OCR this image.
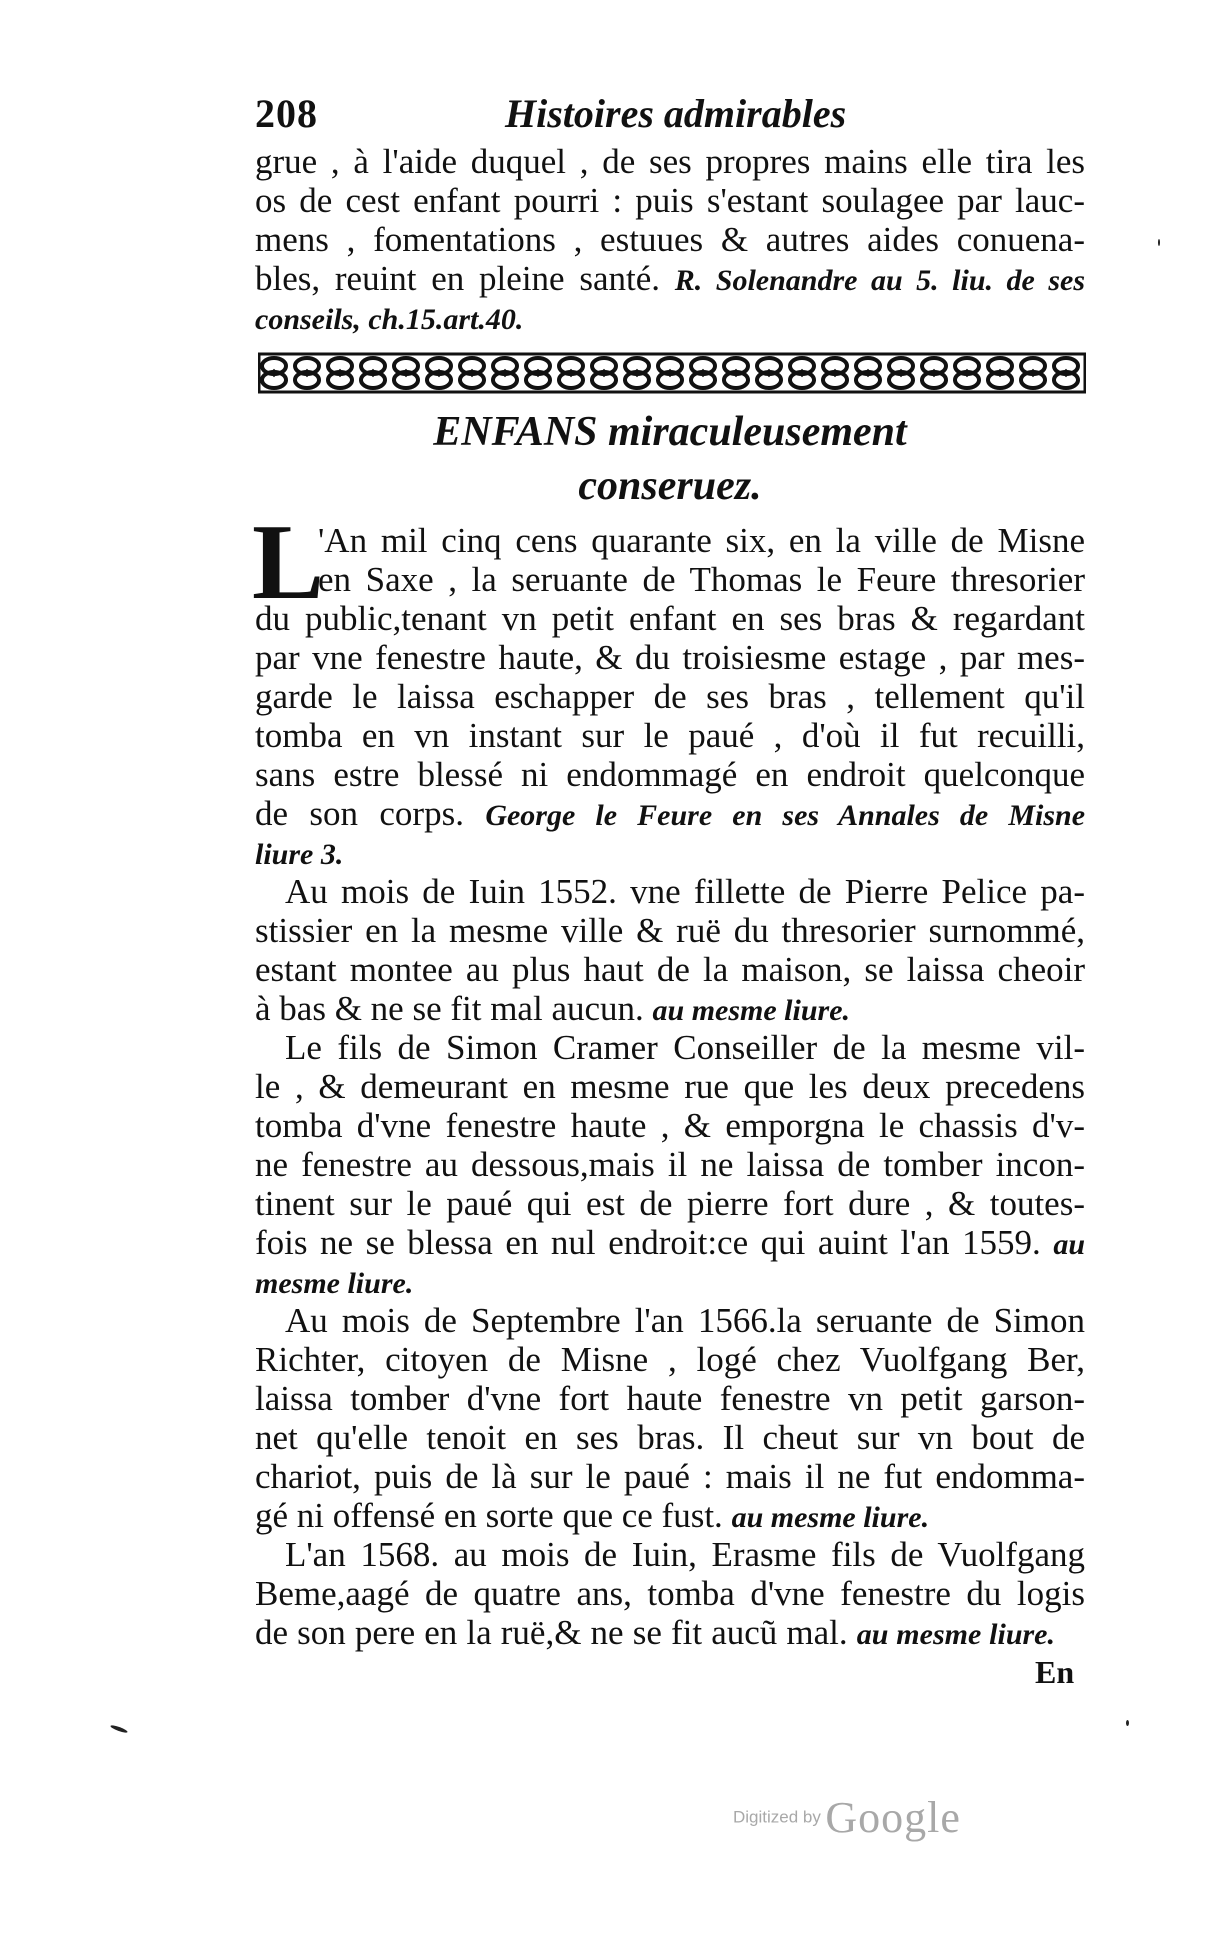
208	Histoires admirables
grue , à l'aide duquel , de ses propres mains elle tira les
os de cest enfant pourri : puis s'estant soulagee par lauc-
mens , fomentations , estuues & autres aides conuena-
bles, reuint en pleine santé. R. Solenandre au 5. liu. de ses
conseils, ch.15.art.40.
ENFANS miraculeusement
conseruez.
L
'An mil cinq cens quarante six, en la ville de Misne
en Saxe , la seruante de Thomas le Feure thresorier
du public,tenant vn petit enfant en ses bras & regardant
par vne fenestre haute, & du troisiesme estage , par mes-
garde le laissa eschapper de ses bras , tellement qu'il
tomba en vn instant sur le paué , d'où il fut recuilli,
sans estre blessé ni endommagé en endroit quelconque
de son corps. George le Feure en ses Annales de Misne
liure 3.
Au mois de Iuin 1552. vne fillette de Pierre Pelice pa-
stissier en la mesme ville & ruë du thresorier surnommé,
estant montee au plus haut de la maison, se laissa cheoir
à bas & ne se fit mal aucun. au mesme liure.
Le fils de Simon Cramer Conseiller de la mesme vil-
le , & demeurant en mesme rue que les deux precedens
tomba d'vne fenestre haute , & emporgna le chassis d'v-
ne fenestre au dessous,mais il ne laissa de tomber incon-
tinent sur le paué qui est de pierre fort dure , & toutes-
fois ne se blessa en nul endroit:ce qui auint l'an 1559. au
mesme liure.
Au mois de Septembre l'an 1566.la seruante de Simon
Richter, citoyen de Misne , logé chez Vuolfgang Ber,
laissa tomber d'vne fort haute fenestre vn petit garson-
net qu'elle tenoit en ses bras. Il cheut sur vn bout de
chariot, puis de là sur le paué : mais il ne fut endomma-
gé ni offensé en sorte que ce fust. au mesme liure.
L'an 1568. au mois de Iuin, Erasme fils de Vuolfgang
Beme,aagé de quatre ans, tomba d'vne fenestre du logis
de son pere en la ruë,& ne se fit aucũ mal. au mesme liure.
En
Digitized by Google
